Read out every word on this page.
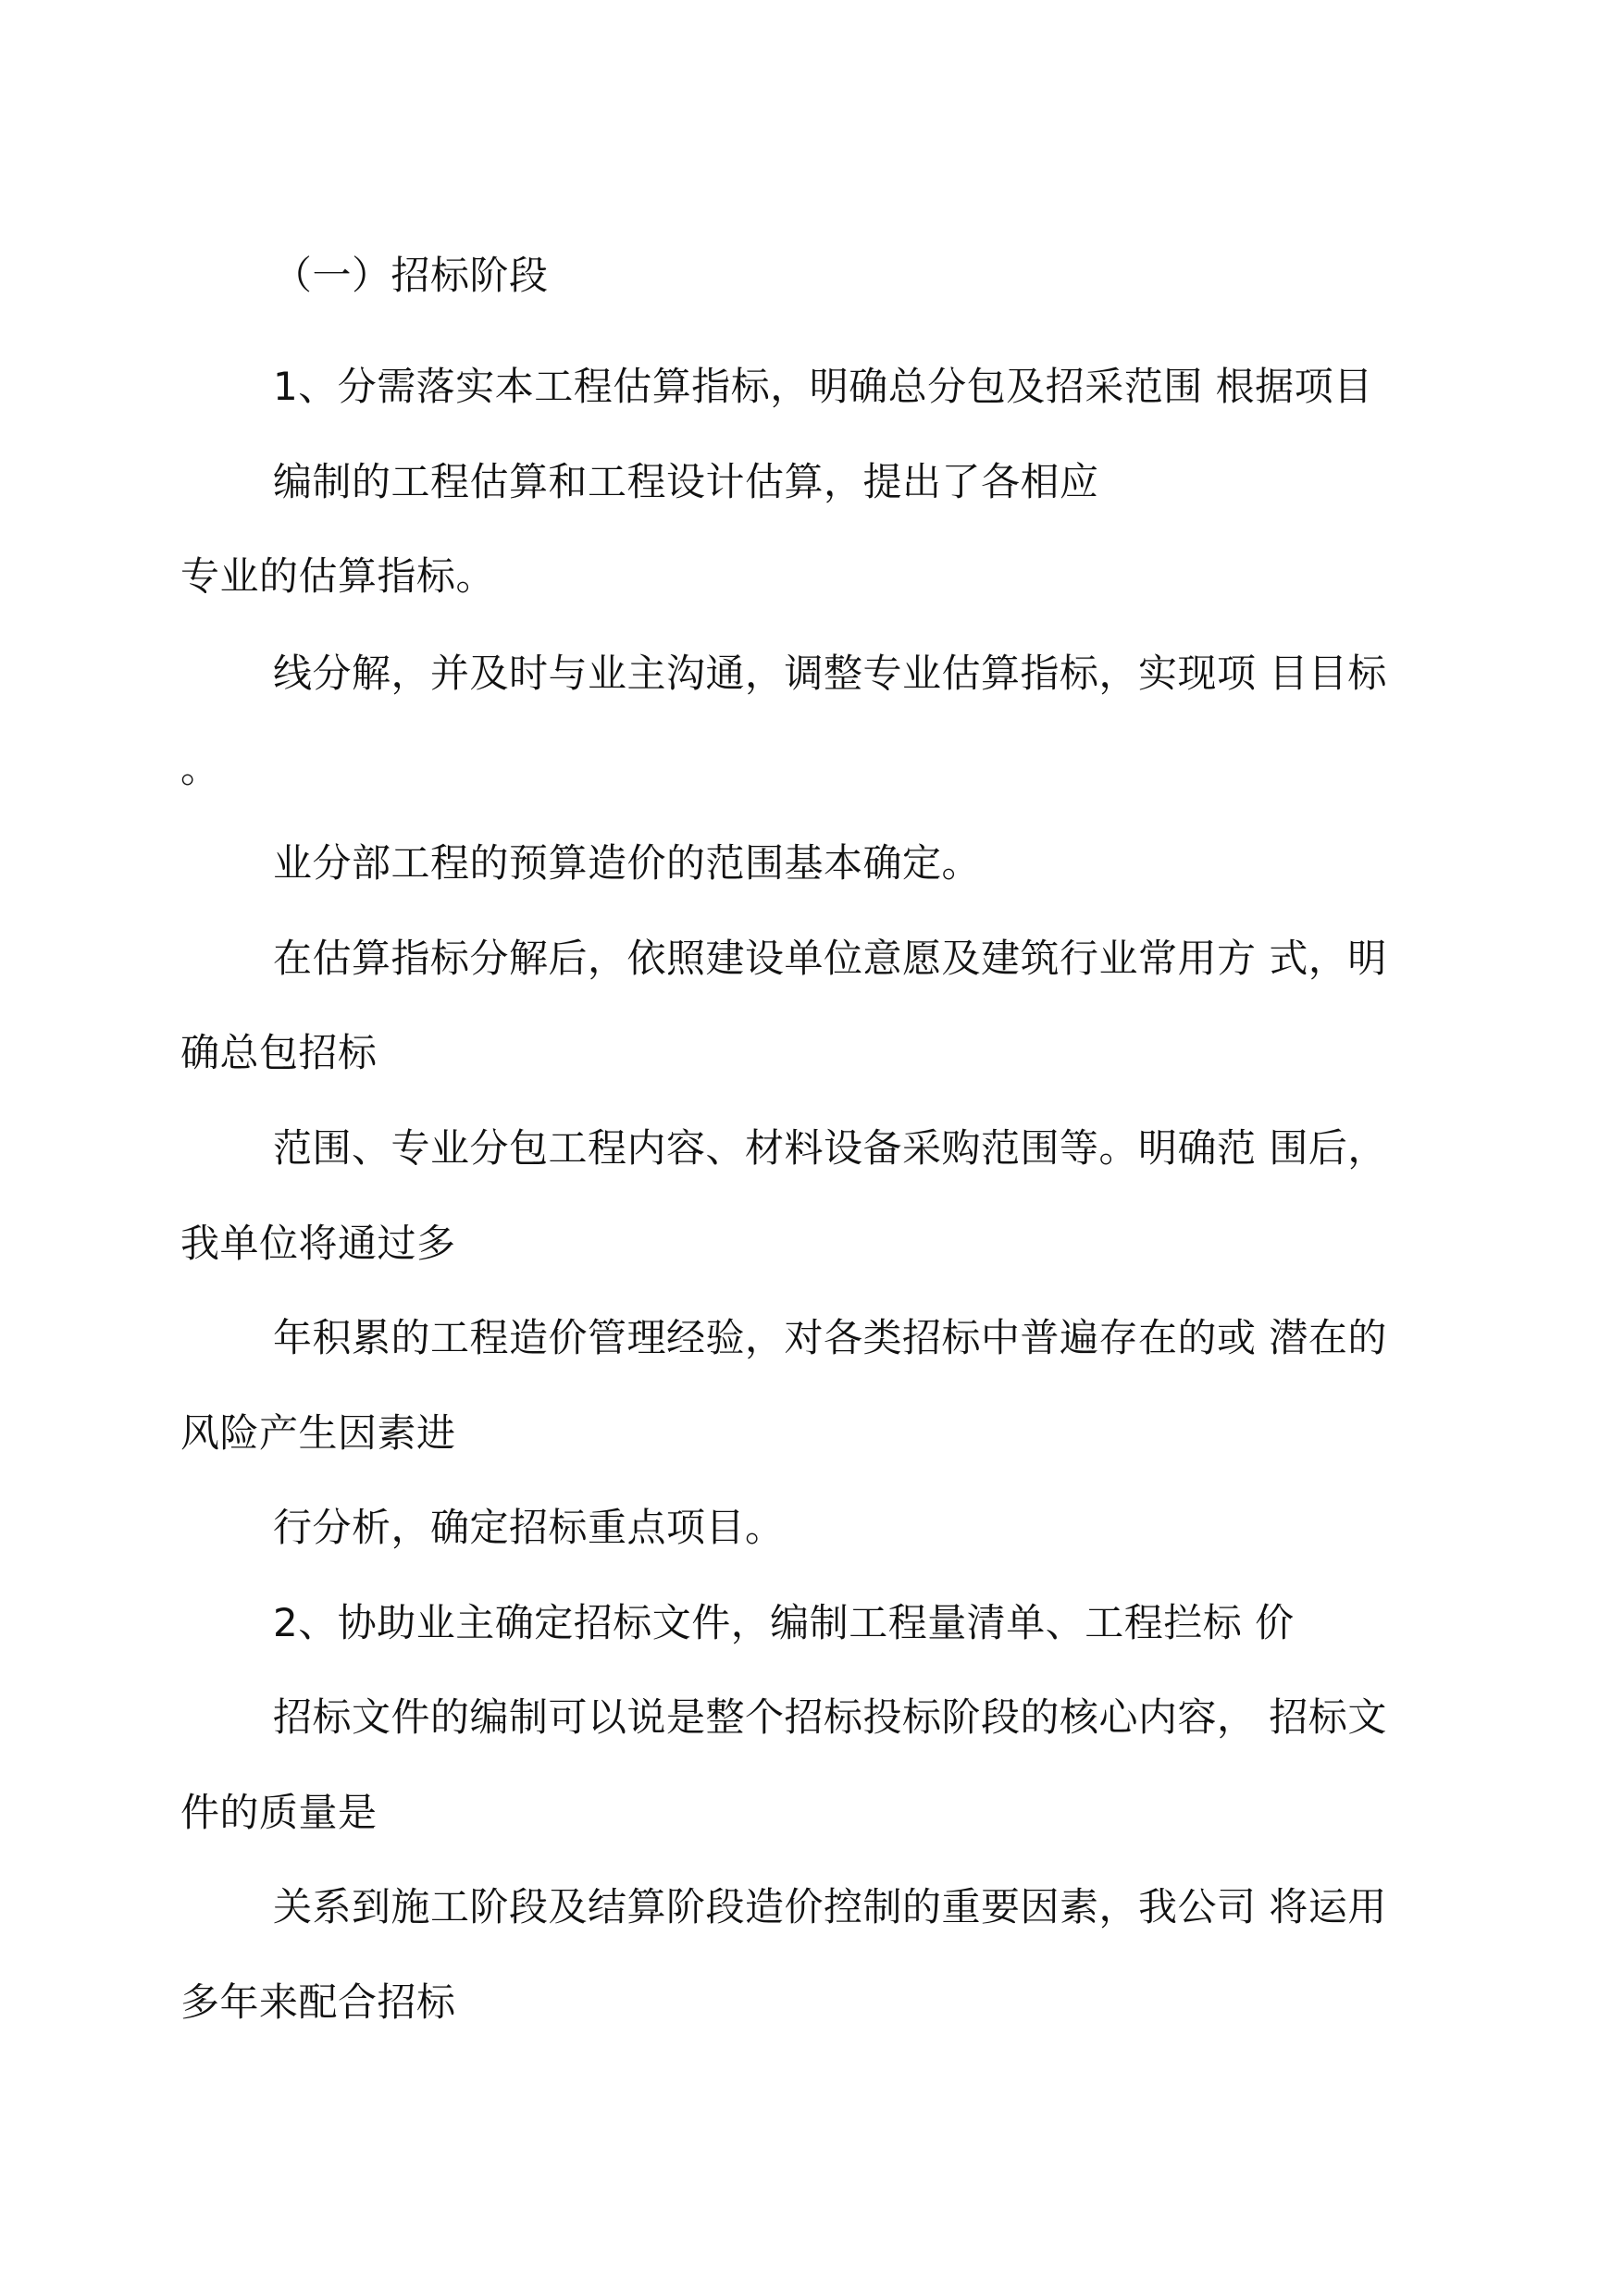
（一）招标阶段
1、分需落实本工程估算指标，明确总分包及招采范围 根据项目
编制的工程估算和工程设计估算，提出了各相应
专业的估算指标。
线分解，并及时与业主沟通，调整专业估算指标，实现项 目目标
。
业分部工程的预算造价的范围基本确定。
在估算指标分解后，依照建设单位意愿及建筑行业常用方 式，明
确总包招标
范围、专业分包工程内容、材料设备采购范围等。明确范 围后，
我单位将通过多
年积累的工程造价管理经验，对各类招标中普遍存在的或 潜在的
风险产生因素进
行分析，确定招标重点项目。
2、协助业主确定招标文件，编制工程量清单、工程拦标 价
招标文件的编制可以说是整个招标投标阶段的核心内容， 招标文
件的质量是
关系到施工阶段及结算阶段造价控制的重要因素，我公司 将运用
多年来配合招标
